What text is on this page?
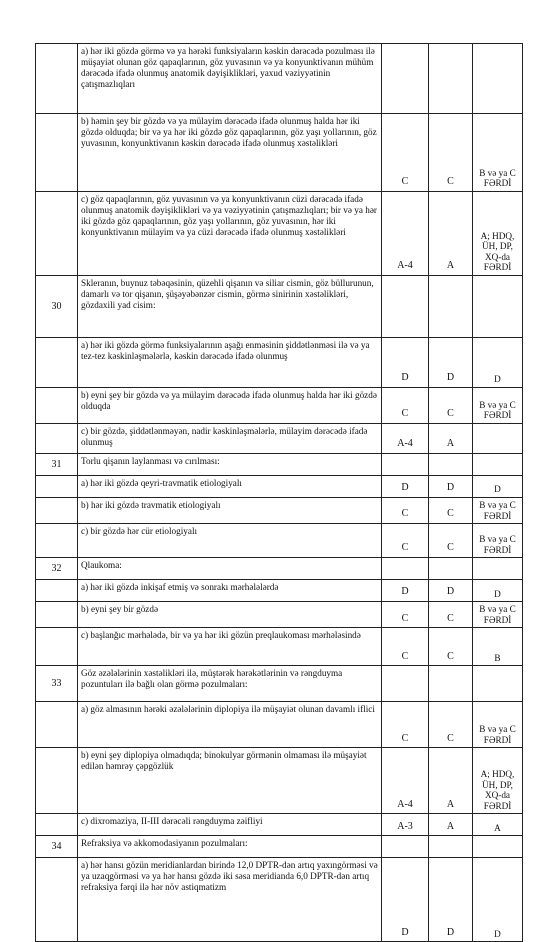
	a) hər iki gözdə görmə və ya hərəki funksiyaların kəskin dərəcədə pozulması ilə müşayiət olunan göz qapaqlarının, göz yuvasının və ya konyunktivanın mühüm dərəcədə ifadə olunmuş anatomik dəyişiklikləri, yaxud vəziyyətinin çatışmazlıqları			
	b) həmin şey bir gözdə və ya mülayim dərəcədə ifadə olunmuş halda hər iki gözdə olduqda; bir və ya hər iki gözdə göz qapaqlarının, göz yaşı yollarının, göz yuvasının, konyunktivanın kəskin dərəcədə ifadə olunmuş xəstəlikləri	C	C	B və ya C FƏRDİ
	c) göz qapaqlarının, göz yuvasının və ya konyunktivanın cüzi dərəcədə ifadə olunmuş anatomik dəyişiklikləri və ya vəziyyətinin çatışmazlıqları; bir və ya hər iki gözdə göz qapaqlarının, göz yaşı yollarının, göz yuvasının, hər iki konyunktivanın mülayim və ya cüzi dərəcədə ifadə olunmuş xəstəlikləri	A-4	A	A; HDQ, ÜH, DP, XQ-da FƏRDİ
30	Skleranın, buynuz təbəqəsinin, qüzehli qişanın və siliar cismin, göz büllurunun, damarlı və tor qişanın, şüşəyəbənzər cismin, görmə sinirinin xəstəlikləri, gözdaxili yad cisim:			
	a) hər iki gözdə görmə funksiyalarının aşağı enməsinin şiddətlənməsi ilə və ya tez-tez kəskinləşmələrlə, kəskin dərəcədə ifadə olunmuş	D	D	D
	b) eyni şey bir gözdə və ya mülayim dərəcədə ifadə olunmuş halda hər iki gözdə olduqda	C	C	B və ya C FƏRDİ
	c) bir gözdə, şiddətlənməyən, nadir kəskinləşmələrlə, mülayim dərəcədə ifadə olunmuş	A-4	A	
31	Torlu qişanın laylanması və cırılması:			
	a) hər iki gözdə qeyri-travmatik etiologiyalı	D	D	D
	b) hər iki gözdə travmatik etiologiyalı	C	C	B və ya C FƏRDİ
	c) bir gözdə hər cür etiologiyalı	C	C	B və ya C FƏRDİ
32	Qlaukoma:			
	a) hər iki gözdə inkişaf etmiş və sonrakı mərhələlərdə	D	D	D
	b) eyni şey bir gözdə	C	C	B və ya C FƏRDİ
	c) başlanğıc mərhələdə, bir və ya hər iki gözün preqlaukoması mərhələsində	C	C	B
33	Göz əzələlərinin xəstəlikləri ilə, müştərək hərəkətlərinin və rəngduyma pozuntuları ilə bağlı olan görmə pozulmaları:			
	a) göz almasının hərəki əzələlərinin diplopiya ilə müşayiət olunan davamlı iflici	C	C	B və ya C FƏRDİ
	b) eyni şey diplopiya olmadıqda; binokulyar görmənin olmaması ilə müşayiət edilən həmrəy çəpgözlük	A-4	A	A; HDQ, ÜH, DP, XQ-da FƏRDİ
	c) dixromaziya, II-III dərəcəli rəngduyma zəifliyi	A-3	A	A
34	Refraksiya və akkomodasiyanın pozulmaları:			
	a) hər hansı gözün meridianlardan birində 12,0 DPTR-dən artıq yaxıngörməsi və ya uzaqgörməsi və ya hər hansı gözdə iki səsa meridianda 6,0 DPTR-dən artıq refraksiya fərqi ilə hər növ astiqmatizm	D	D	D
